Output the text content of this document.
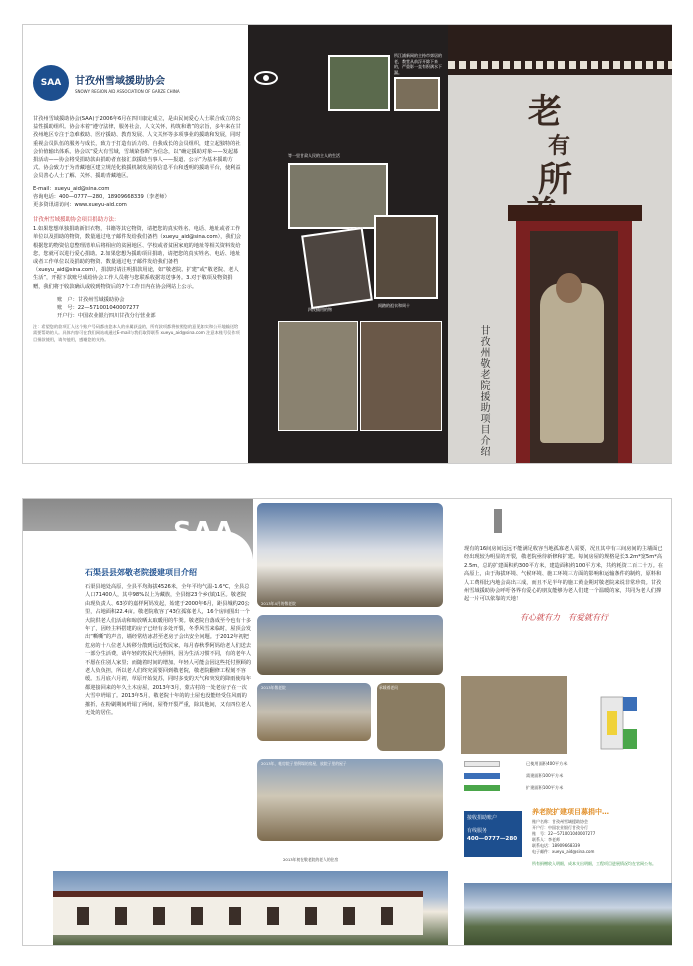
SAA	甘孜州雪域援助协会
SNOWY REGION AID ASSOCIATION OF GARZE CHINA

甘孜州雪域援助协会(SAA)于2006年6月在四川康定成立，是由民间爱心人士联合成立的公益性援助组织。协会本着“遵守法律，服务社会，人文关怀，构筑和谐”的宗旨，多年来在甘孜州地区专注于急难救助、医疗援助、教育发展、人文关怀等多项事业的援助和发展，同时重视会员队伍的服务与成长，致力于打造有活力的、自我成长的会员组织，建立起独特的社会价值输出体系。协会以“爱大有雪域，雪域染春晖”为信念，以“确定援助对象——发起募捐活动——协会将受捐助款由捐助者直接汇款援助当事人——报道、公示”为基本援助方式。协会致力于为青藏地区建立规范化救援机制发展的信息平台和透明的援助平台，使利益会员善心人士了解、关怀、援助青藏地区。

E-mail：xueyu_aid@sina.com
咨询电话：400—0777—280，18909668339（李老师）
更多资讯请访问：www.xueyu-aid.com
甘孜州雪域援助协会项目捐助方法：

1.如果您想单独捐助新旧衣物，书籍等其它物资，请把您的真实姓名、电话、地址或者工作单位以及捐助的物资，数量通过电子邮件发给我们备档（xueyu_aid@sina.com），我们会根据您的物资信息整理清单后将相应的贫困地区、学校或者贫困家庭的地址等相关资料发给您，您就可以进行爱心捐助。2.如果您想为援助项目捐助，请把您的真实姓名、电话、地址或者工作单位以及捐助的物资、数量通过电子邮件发给我们备档（xueyu_aid@sina.com），捐款时请注明捐款用途，如“敬老院、扩建”或“敬老院、老人生活”，开据下款账号成给协会工作人员将与您联系收据寄送事务。3.对于敬项及物资捐赠，我们将于收款确认或收到物资后的7个工作日内在协会网站上公示。

账　户：甘孜州雪域援助协会
账　号：22—571001040007277
开户行：中国农业银行四川甘孜分行营业部

注：希望您的款项汇人这个账户号码都由您本人的亲属获益的，所有款项都将按照您的意见如实和公开地输送给需要帮助的人。具体内容可在我们网站或通过E-mail与我们取得联系 xueyu_aid@sina.com 注意本账号仅作项目捐款使用，请勿他用，感谢您的支持。

所江浦新网的主持市郊居的老，教堂从前浮开除下来的，严重影一直有积满水下漏。
等一里甘肃人民的主人的生活
间踏的祖衣和周十
四民捕用的物
老
有
所
甘孜州敬老院援助项目介绍
SAA
石渠县县郊敬老院援建项目介绍

石渠县地处高原，全县平均海拔4526米，全年平均气温-1.6°C，全县总人口71400人，其中98%以上为藏族，全县辖23个乡(镇)1区。敬老院由现负责人、63岁的嘉样阿妈发起，始建于2000年6月，距县城约20公里，占地面积22.4亩。敬老院收容了43位孤寡老人，16个房间围出一个大院供老人们活动和晾放晒太取暖用的牛粪。敬老院自落成至今也有十多年了，因经主料搭建的房子已经有多处开裂，冬季风雪来临时，屋顶会发出“嘶嘶”的声音，墙经常结冰甚至老房子会出安全问题。于2012年初把危房的十八位老人转移分散到远近牧民家，每月春秋季阿妈给老人们送去一部分生活费，请年轻的牧民代为照料，因为生活习惯不同，有的老年人不愿在住别人家里；而随着时间的增加，年轻人可能会因这些托付照顾的老人负负担，所以老人们终究需要回到敬老院，敬老院翻修工程刻不容缓。五月底六月初，草原开始复苏，同时多变的天气和突发的降雨使每年都迎接回来的年久土木房屋，2013年3月，蒙古村的一处老房子在一次大雪中坍塌了。2013年5月，敬老院十年的的土屋也没能经受住风雨的摧折，在粉刷期间坍塌了两间，屋脊开裂严重，除其他间，又有四位老人无处的居住。

2013年4月的敬老院
2013年敬老院	承载着老问
2013年，帐房院子里倒塌的房屋，放院子里的屋子
2013年初在敬老院的老人的住房

现有的16间房间远远不能满足收容当地孤寡老人需要，况且其中有三间房间的主墙面已经出现较为明显的开裂，敬老院亟待新修和扩建。每间房屋的规格是长3.2m*宽5m*高2.5m，总的扩建面积约300平方米，建造面积约100平方米，共约耗资二百二十万。在高原上，由于海拔环境、气候环境、施工环境三方面的影响和运输条件的制约，原料和人工费相比内地会高出三成，而且不足半年的施工黄金期对敬老院来说非常珍贵。甘孜州雪域援助协会呼吁各界有爱心的朋友能够为老人们建一个温暖的家，共同为老人们撑起一片可以依靠的天地！

有心就有力　有爱就有行
已使用面积400平方米
需建面积100平方米
扩建面积100平方米
接收捐助账户
有线服务
400—0777—280
养老院扩建项目募捐中…
账户名称：甘孜州雪域援助协会
开户行：中国农业银行甘孜分行
账　号：22—571001040007277
联系人：李老师
联系电话：18909668339
电子邮件：xueyu_aid@sina.com
所有捐赠收入明细，成本支出明细，工程项目进展情况均在官网公布。
